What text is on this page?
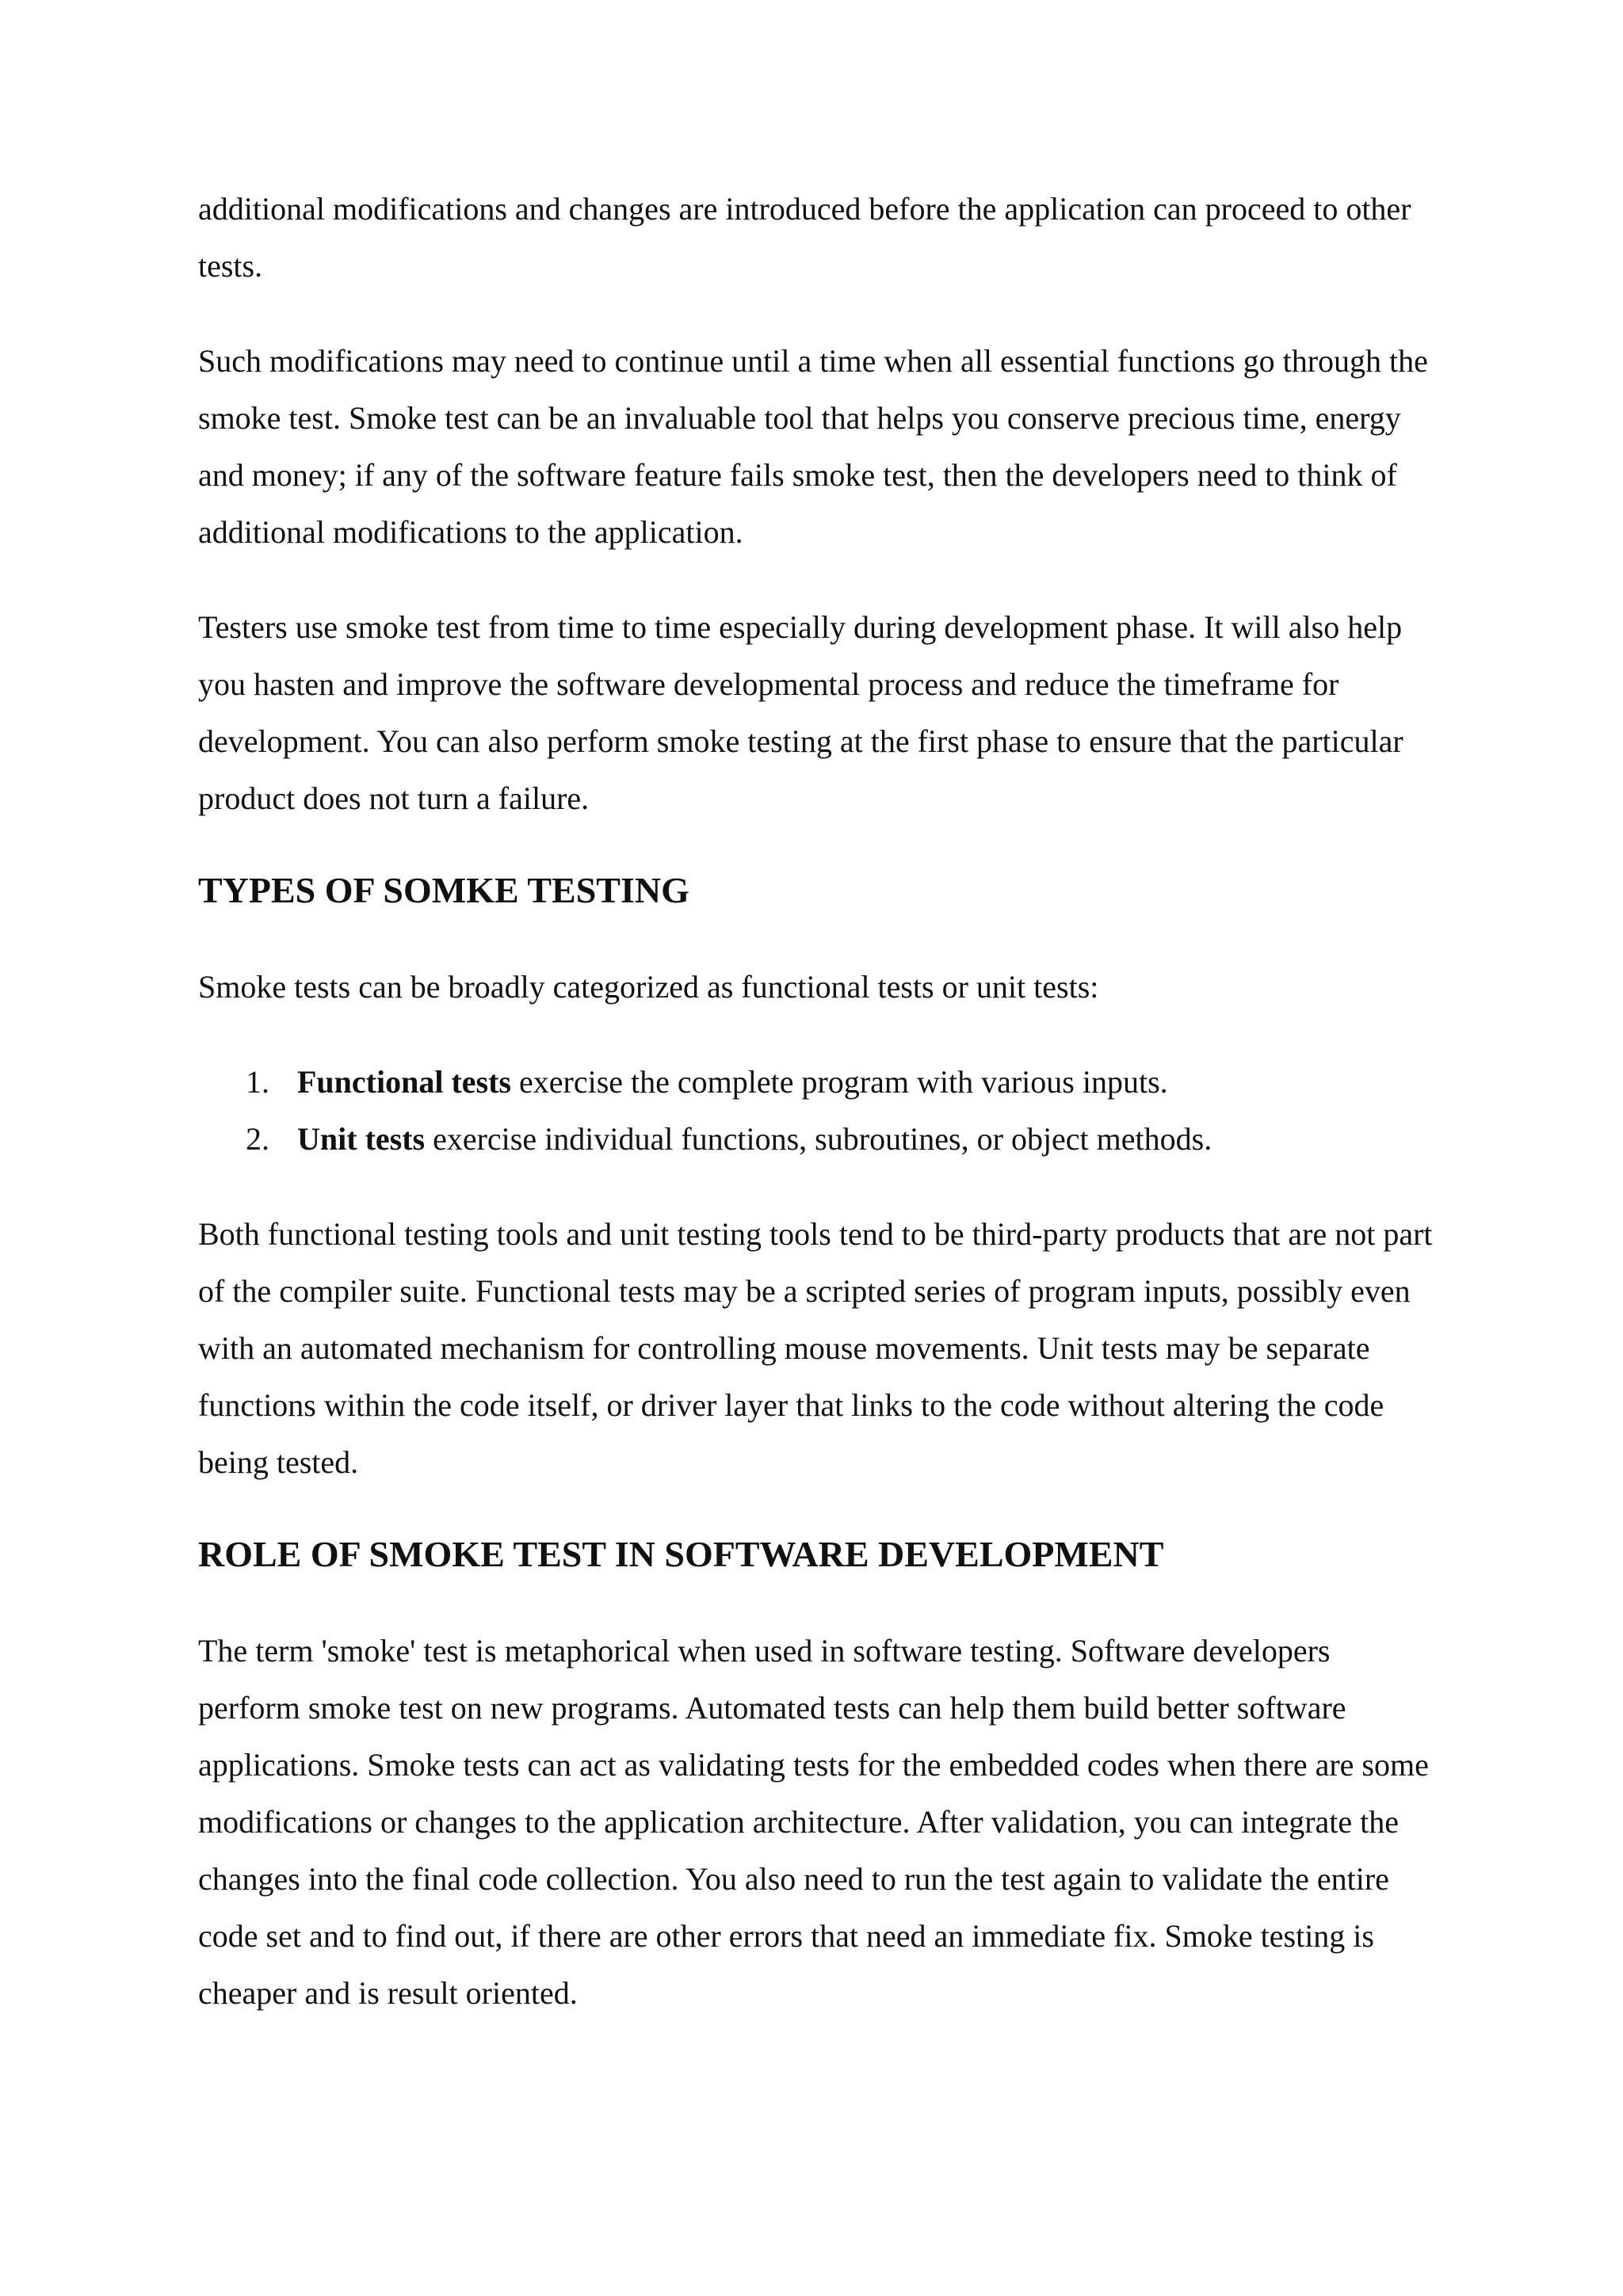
additional modifications and changes are introduced before the application can proceed to other tests.

Such modifications may need to continue until a time when all essential functions go through the smoke test. Smoke test can be an invaluable tool that helps you conserve precious time, energy and money; if any of the software feature fails smoke test, then the developers need to think of additional modifications to the application.

Testers use smoke test from time to time especially during development phase. It will also help you hasten and improve the software developmental process and reduce the timeframe for development. You can also perform smoke testing at the first phase to ensure that the particular product does not turn a failure.

TYPES OF SOMKE TESTING

Smoke tests can be broadly categorized as functional tests or unit tests:

1. Functional tests exercise the complete program with various inputs.
2. Unit tests exercise individual functions, subroutines, or object methods.

Both functional testing tools and unit testing tools tend to be third-party products that are not part of the compiler suite. Functional tests may be a scripted series of program inputs, possibly even with an automated mechanism for controlling mouse movements. Unit tests may be separate functions within the code itself, or driver layer that links to the code without altering the code being tested.

ROLE OF SMOKE TEST IN SOFTWARE DEVELOPMENT

The term 'smoke' test is metaphorical when used in software testing. Software developers perform smoke test on new programs. Automated tests can help them build better software applications. Smoke tests can act as validating tests for the embedded codes when there are some modifications or changes to the application architecture. After validation, you can integrate the changes into the final code collection. You also need to run the test again to validate the entire code set and to find out, if there are other errors that need an immediate fix. Smoke testing is cheaper and is result oriented.
